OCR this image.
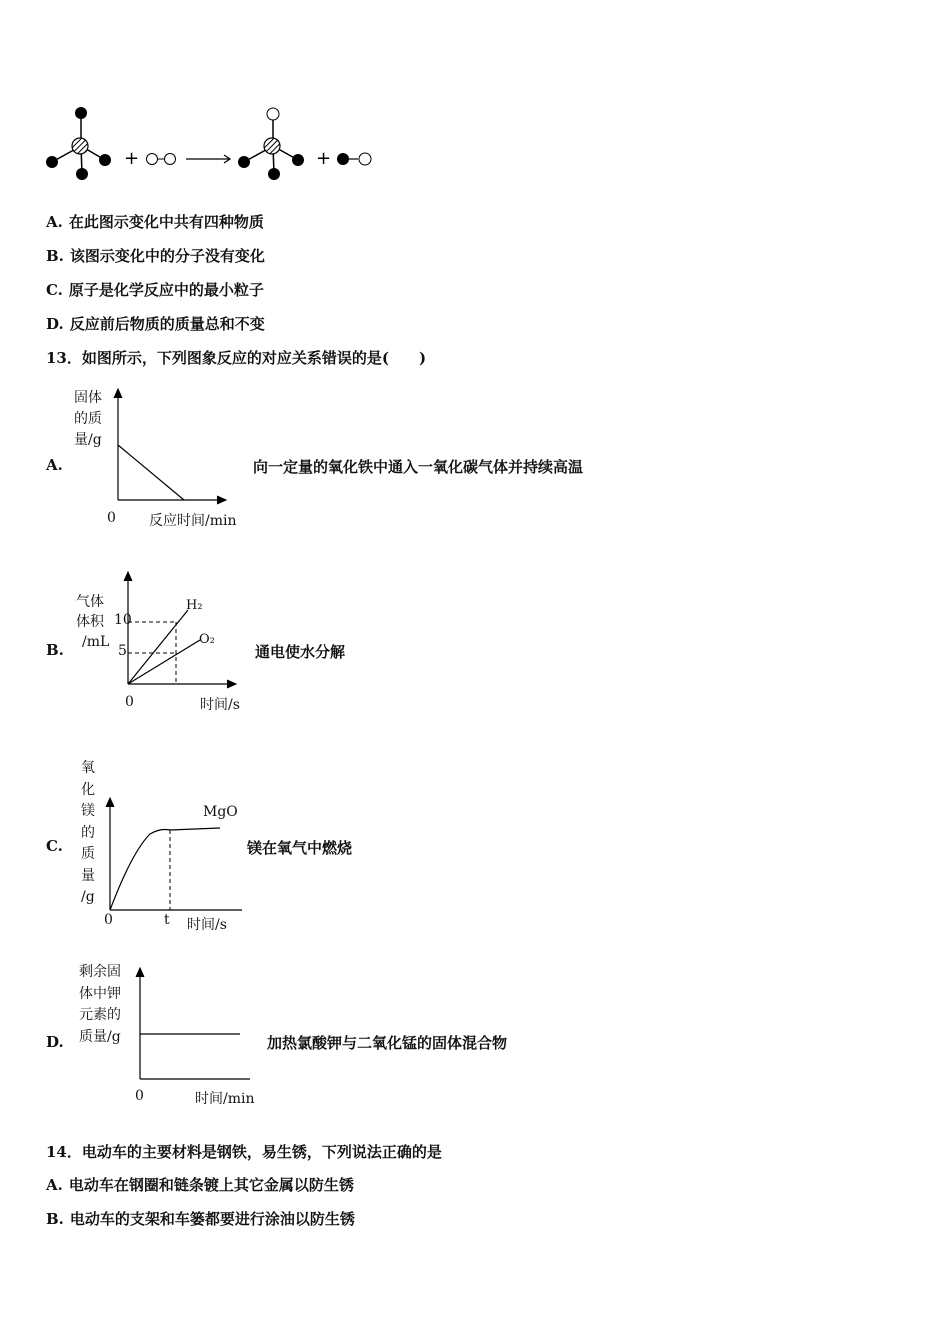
+	+
A. 在此图示变化中共有四种物质
B. 该图示变化中的分子没有变化
C. 原子是化学反应中的最小粒子
D. 反应前后物质的质量总和不变
13．如图所示，下列图象反应的对应关系错误的是(　　)
A.
固体
的质
量/g
0 反应时间/min
向一定量的氧化铁中通入一氧化碳气体并持续高温
B.
气体
体积
/mL
10
5
H₂
O₂
0	时间/s
通电使水分解
C.
氧
化
镁
的
质
量
/g
MgO
0	t 时间/s
镁在氧气中燃烧
D.
剩余固
体中钾
元素的
质量/g
0	时间/min
加热氯酸钾与二氧化锰的固体混合物
14．电动车的主要材料是钢铁，易生锈，下列说法正确的是
A. 电动车在钢圈和链条镀上其它金属以防生锈
B. 电动车的支架和车篓都要进行涂油以防生锈
